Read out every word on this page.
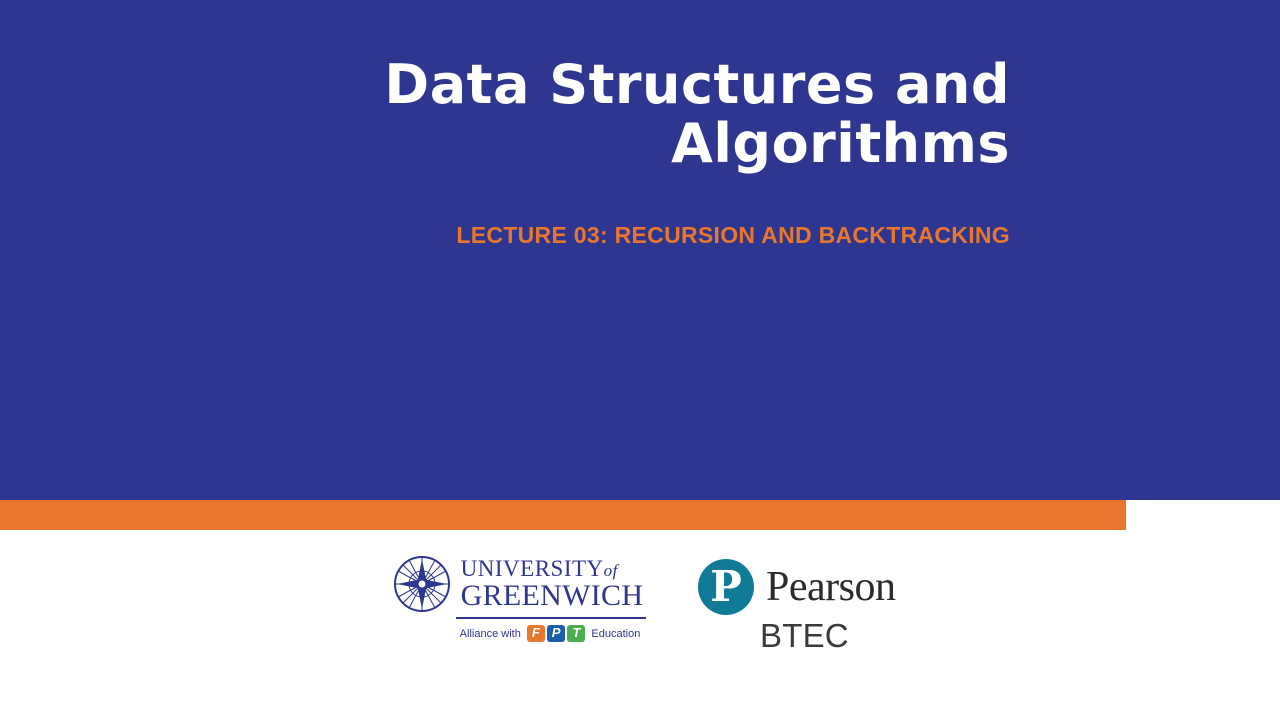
Data Structures and
Algorithms
LECTURE 03: RECURSION AND BACKTRACKING
UNIVERSITYof
GREENWICH
Alliance with F P T	Education
P Pearson
BTEC
